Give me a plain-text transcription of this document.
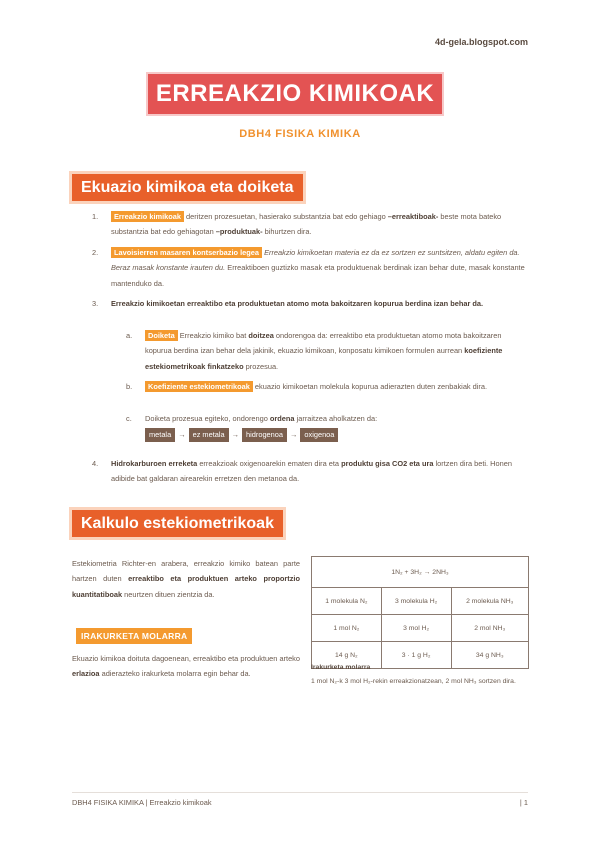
4d-gela.blogspot.com
ERREAKZIO KIMIKOAK
DBH4 FISIKA KIMIKA
Ekuazio kimikoa eta doiketa
1. Erreakzio kimikoak deritzen prozesuetan, hasierako substantzia bat edo gehiago –erreaktiboak- beste mota bateko substantzia bat edo gehiagotan –produktuak- bihurtzen dira.
2. Lavoisierren masaren kontserbazio legea Erreakzio kimikoetan materia ez da ez sortzen ez suntsitzen, aldatu egiten da. Beraz masak konstante irauten du. Erreaktiboen guztizko masak eta produktuenak berdinak izan behar dute, masak konstante mantenduko da.
3. Erreakzio kimikoetan erreaktibo eta produktuetan atomo mota bakoitzaren kopurua berdina izan behar da.
a. Doiketa Erreakzio kimiko bat doitzea ondorengoa da: erreaktibo eta produktuetan atomo mota bakoitzaren kopurua berdina izan behar dela jakinik, ekuazio kimikoan, konposatu kimikoen formulen aurrean koefiziente estekiometrikoak finkatzeko prozesua.
b. Koefiziente estekiometrikoak ekuazio kimikoetan molekula kopurua adierazten duten zenbakiak dira.
c. Doiketa prozesua egiteko, ondorengo ordena jarraitzea aholkatzen da:
metala → ez metala → hidrogenoa → oxigenoa
4. Hidrokarburoen erreketa erreakzioak oxigenoarekin ematen dira eta produktu gisa CO2 eta ura lortzen dira beti. Honen adibide bat galdaran airearekin erretzen den metanoa da.
Kalkulo estekiometrikoak
Estekiometria Richter-en arabera, erreakzio kimiko batean parte hartzen duten erreaktibo eta produktuen arteko proportzio kuantitatiboak neurtzen dituen zientzia da.
IRAKURKETA MOLARRA
Ekuazio kimikoa doituta dagoenean, erreaktibo eta produktuen arteko erlazioa adierazteko irakurketa molarra egin behar da.
1N₂ + 3H₂ → 2NH₃		
1 molekula N₂	3 molekula H₂	2 molekula NH₃
1 mol N₂	3 mol H₂	2 mol NH₃
14 g N₂	3 · 1 g H₂	34 g NH₃
Irakurketa molarra
1 mol N₂-k 3 mol H₂-rekin erreakzionatzean, 2 mol NH₃ sortzen dira.
DBH4 FISIKA KIMIKA | Erreakzio kimikoak	| 1
